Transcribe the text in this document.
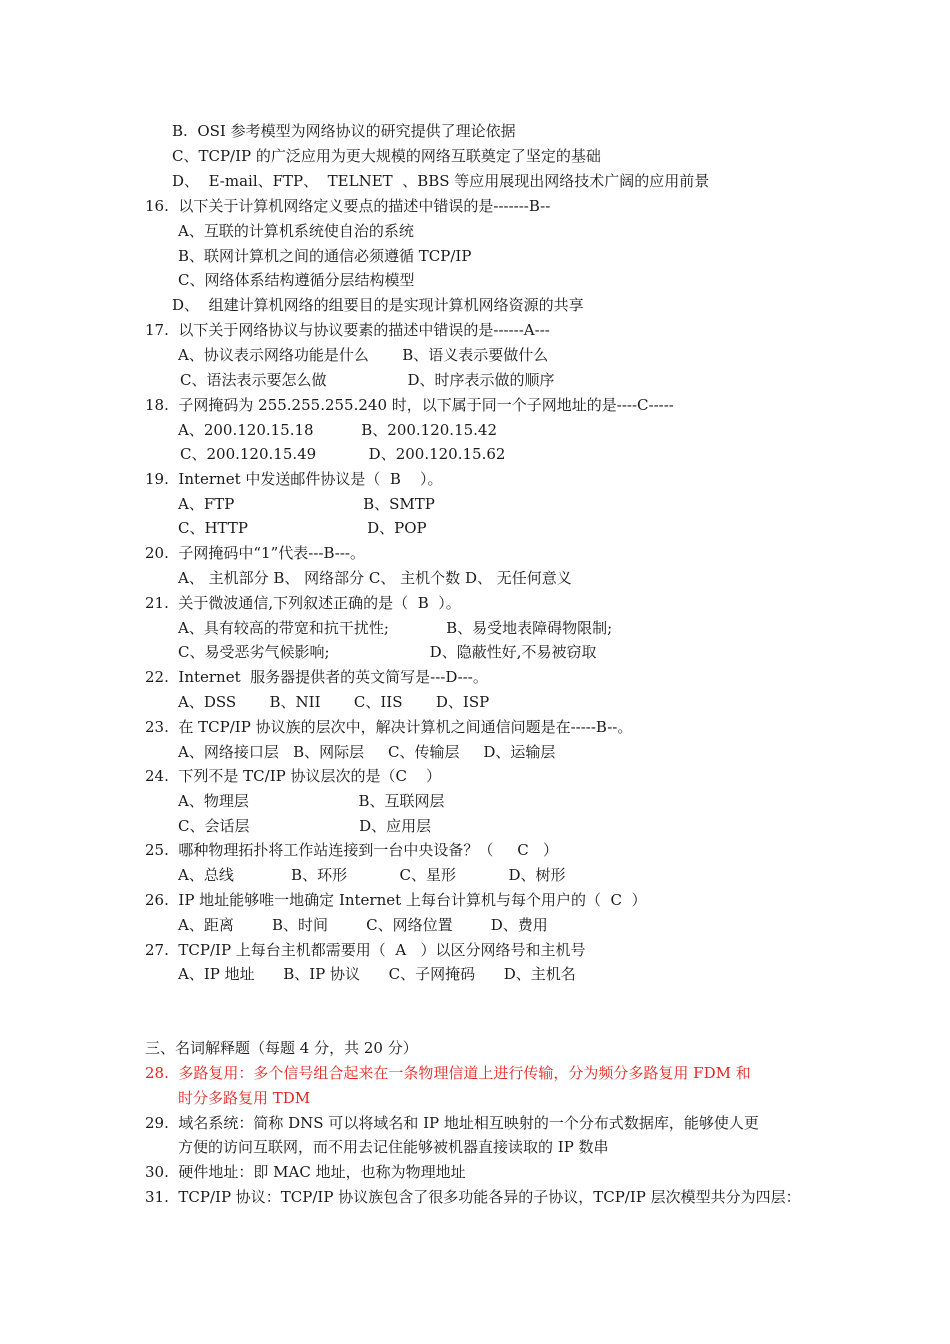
B.  OSI 参考模型为网络协议的研究提供了理论依据
C、TCP/IP 的广泛应用为更大规模的网络互联奠定了坚定的基础
D、  E-mail、FTP、  TELNET  、BBS 等应用展现出网络技术广阔的应用前景
16.  以下关于计算机网络定义要点的描述中错误的是-------B--
A、互联的计算机系统使自治的系统
B、联网计算机之间的通信必须遵循 TCP/IP
C、网络体系结构遵循分层结构模型
D、  组建计算机网络的组要目的是实现计算机网络资源的共享
17.  以下关于网络协议与协议要素的描述中错误的是------A---
A、协议表示网络功能是什么       B、语义表示要做什么
C、语法表示要怎么做                 D、时序表示做的顺序
18.  子网掩码为 255.255.255.240 时，以下属于同一个子网地址的是----C-----
A、200.120.15.18          B、200.120.15.42
C、200.120.15.49           D、200.120.15.62
19.  Internet 中发送邮件协议是（  B    ）。
A、FTP                           B、SMTP
C、HTTP                         D、POP
20.  子网掩码中“1”代表---B---。
A、 主机部分 B、 网络部分 C、 主机个数 D、 无任何意义
21.  关于微波通信,下列叙述正确的是（  B  ）。
A、具有较高的带宽和抗干扰性;            B、易受地表障碍物限制;
C、易受恶劣气候影响;                     D、隐蔽性好,不易被窃取
22.  Internet  服务器提供者的英文简写是---D---。
A、DSS       B、NII       C、IIS       D、ISP
23.  在 TCP/IP 协议族的层次中，解决计算机之间通信问题是在-----B--。
A、网络接口层   B、网际层     C、传输层     D、运输层
24.  下列不是 TC/IP 协议层次的是（C    ）
A、物理层                       B、互联网层
C、会话层                       D、应用层
25.  哪种物理拓扑将工作站连接到一台中央设备？（     C   ）
A、总线            B、环形           C、星形           D、树形
26.  IP 地址能够唯一地确定 Internet 上每台计算机与每个用户的（  C  ）
A、距离        B、时间        C、网络位置        D、费用
27.  TCP/IP 上每台主机都需要用（  A   ）以区分网络号和主机号
A、IP 地址      B、IP 协议      C、子网掩码      D、主机名
三、名词解释题（每题 4 分，共 20 分）
28.  多路复用：多个信号组合起来在一条物理信道上进行传输，分为频分多路复用 FDM 和
时分多路复用 TDM
29.  域名系统：简称 DNS 可以将域名和 IP 地址相互映射的一个分布式数据库，能够使人更
方便的访问互联网，而不用去记住能够被机器直接读取的 IP 数串
30.  硬件地址：即 MAC 地址，也称为物理地址
31.  TCP/IP 协议：TCP/IP 协议族包含了很多功能各异的子协议，TCP/IP 层次模型共分为四层：
